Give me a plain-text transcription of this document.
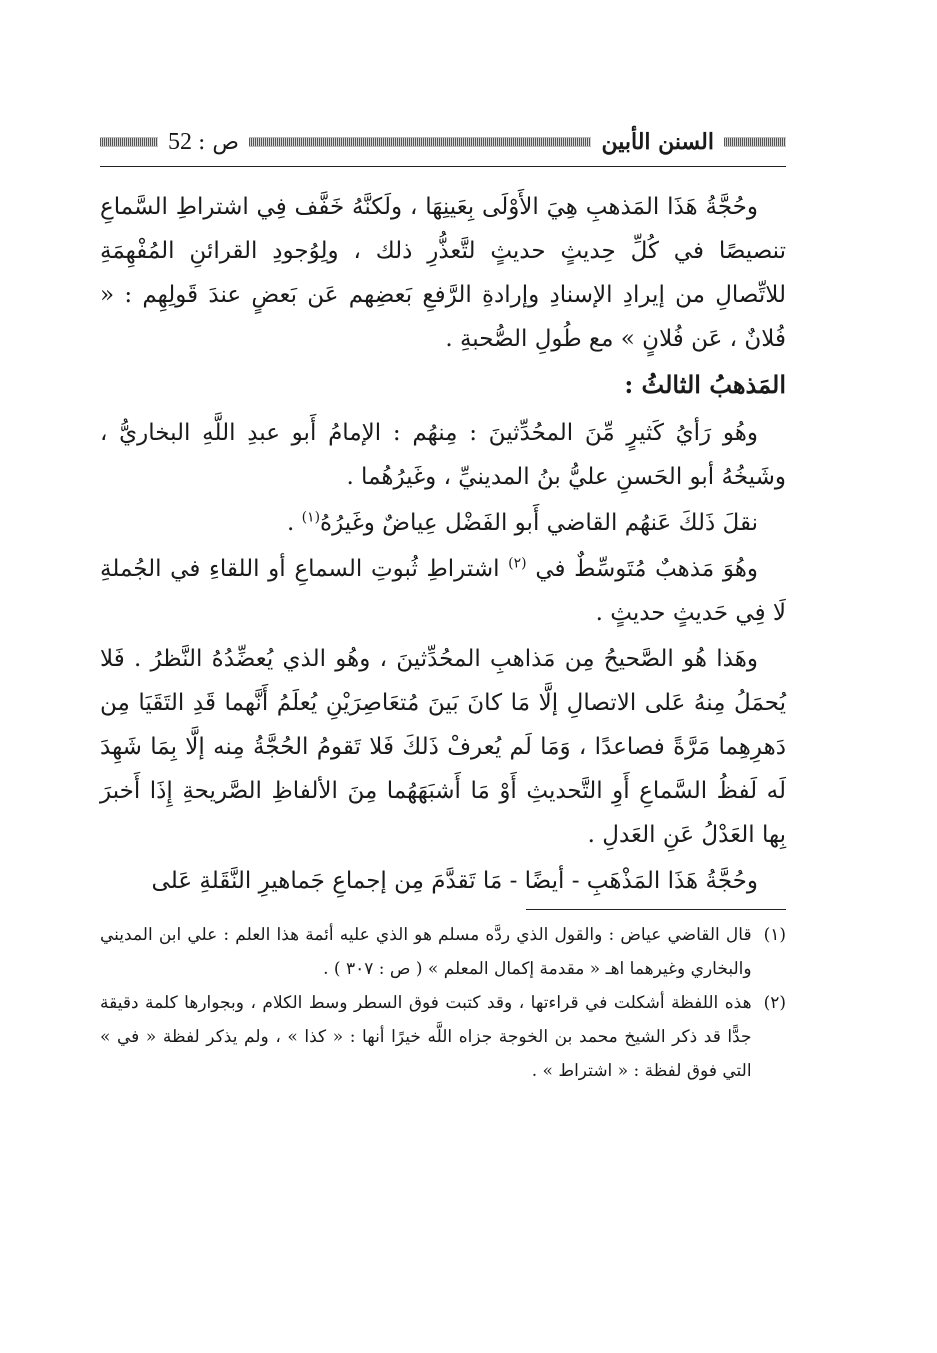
السنن الأبين
ص :
52

وحُجَّةُ هَذَا المَذهبِ هِيَ الأَوْلَى بِعَينِهَا ، ولَكنَّهُ خَفَّف فِي اشتراطِ السَّماعِ تنصيصًا في كُلِّ حِديثٍ حديثٍ لتَّعذُّرِ ذلك ، ولِوُجودِ القرائنِ المُفْهِمَةِ للاتِّصالِ من إيرادِ الإسنادِ وإرادةِ الرَّفعِ بَعضِهم عَن بَعضٍ عندَ قَولِهِم : « فُلانٌ ، عَن فُلانٍ » مع طُولِ الصُّحبةِ .

المَذهبُ الثالثُ :

وهُو رَأيُ كَثيرٍ مِّنَ المحُدِّثينَ : مِنهُم : الإمامُ أَبو عبدِ اللَّهِ البخاريُّ ، وشَيخُهُ أبو الحَسنِ عليُّ بنُ المدينيِّ ، وغَيرُهُما .

نقلَ ذَلكَ عَنهُم القاضي أَبو الفَضْل عِياضٌ وغَيرُهُ$^{(١)}$ .

وهُوَ مَذهبٌ مُتَوسِّطٌ في $^{(٢)}$ اشتراطِ ثُبوتِ السماعِ أو اللقاءِ في الجُملةِ لَا فِي حَديثٍ حديثٍ .

وهَذا هُو الصَّحيحُ مِن مَذاهبِ المحُدِّثينَ ، وهُو الذي يُعضِّدُهُ النَّظرُ . فَلا يُحمَلُ مِنهُ عَلى الاتصالِ إلَّا مَا كانَ بَينَ مُتعَاصِرَيْنِ يُعلَمُ أَنَّهما قَدِ التَقَيَا مِن دَهرِهِما مَرَّةً فصاعدًا ، وَمَا لَم يُعرفْ ذَلكَ فَلا تَقومُ الحُجَّةُ مِنه إلَّا بِمَا شَهِدَ لَه لَفظُ السَّماعِ أَوِ التَّحديثِ أَوْ مَا أَشبَهَهُما مِنَ الألفاظِ الصَّريحةِ إِذَا أَخبرَ بِها العَدْلُ عَنِ العَدلِ .

وحُجَّةُ هَذَا المَذْهَبِ - أيضًا - مَا تَقدَّمَ مِن إجماعِ جَماهيرِ النَّقَلةِ عَلى

(١)
قال القاضي عياض : والقول الذي ردَّه مسلم هو الذي عليه أئمة هذا العلم : علي ابن المديني والبخاري وغيرهما اهـ « مقدمة إكمال المعلم » ( ص : ٣٠٧ ) .
(٢)
هذه اللفظة أشكلت في قراءتها ، وقد كتبت فوق السطر وسط الكلام ، وبجوارها كلمة دقيقة جدًّا قد ذكر الشيخ محمد بن الخوجة جزاه اللَّه خيرًا أنها : « كذا » ، ولم يذكر لفظة « في » التي فوق لفظة : « اشتراط » .
